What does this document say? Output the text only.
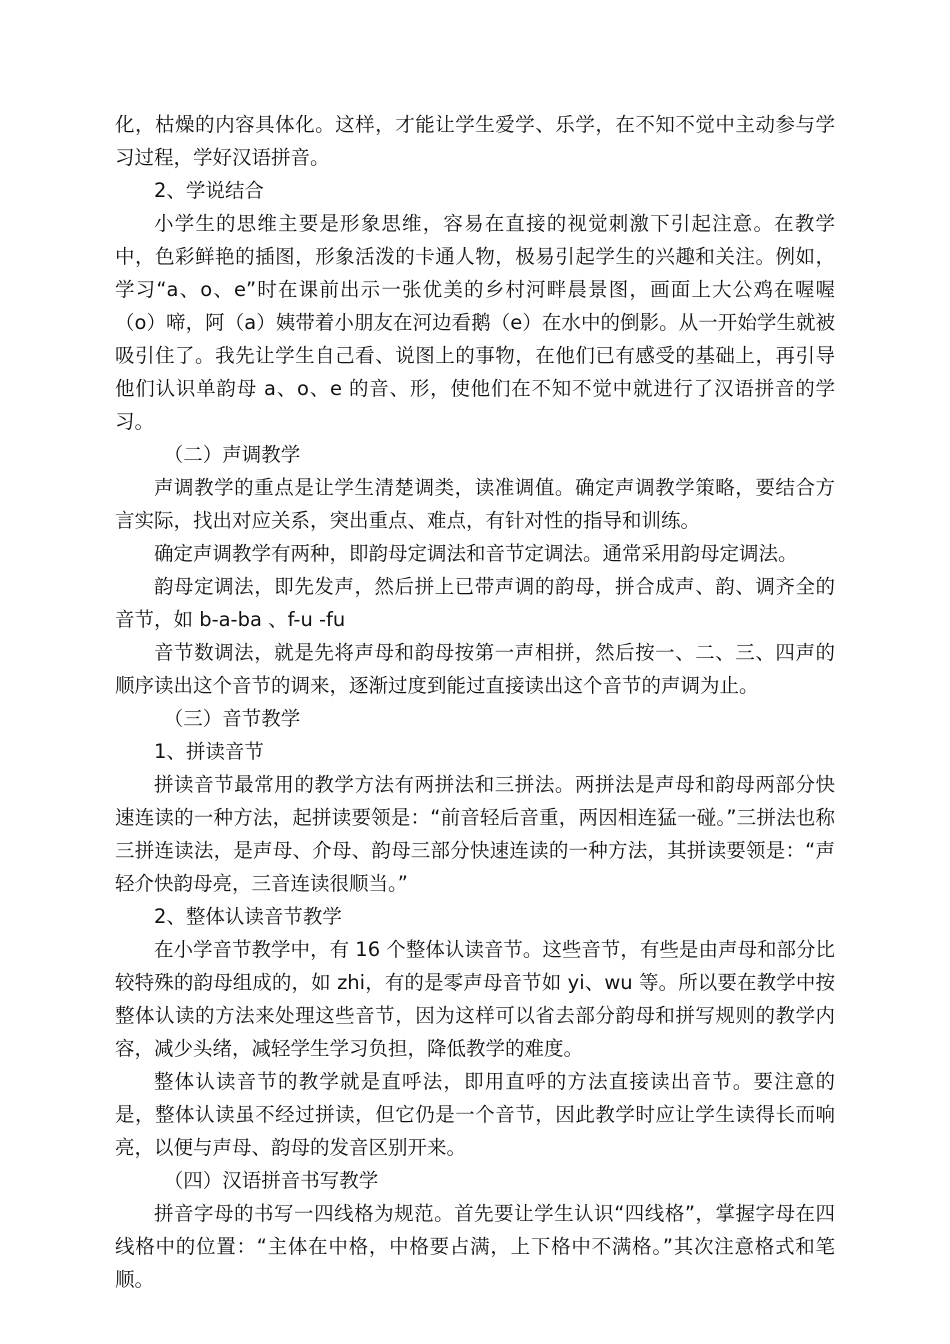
化，枯燥的内容具体化。这样，才能让学生爱学、乐学，在不知不觉中主动参与学习过程，学好汉语拼音。

2、学说结合

小学生的思维主要是形象思维，容易在直接的视觉刺激下引起注意。在教学中，色彩鲜艳的插图，形象活泼的卡通人物，极易引起学生的兴趣和关注。例如，学习“a、o、e”时在课前出示一张优美的乡村河畔晨景图，画面上大公鸡在喔喔（o）啼，阿（a）姨带着小朋友在河边看鹅（e）在水中的倒影。从一开始学生就被吸引住了。我先让学生自己看、说图上的事物，在他们已有感受的基础上，再引导他们认识单韵母 a、o、e 的音、形，使他们在不知不觉中就进行了汉语拼音的学习。

（二）声调教学

声调教学的重点是让学生清楚调类，读准调值。确定声调教学策略，要结合方言实际，找出对应关系，突出重点、难点，有针对性的指导和训练。

确定声调教学有两种，即韵母定调法和音节定调法。通常采用韵母定调法。

韵母定调法，即先发声，然后拼上已带声调的韵母，拼合成声、韵、调齐全的音节，如 b-a-ba 、f-u -fu

音节数调法，就是先将声母和韵母按第一声相拼，然后按一、二、三、四声的顺序读出这个音节的调来，逐渐过度到能过直接读出这个音节的声调为止。

（三）音节教学

1、拼读音节

拼读音节最常用的教学方法有两拼法和三拼法。两拼法是声母和韵母两部分快速连读的一种方法，起拼读要领是：“前音轻后音重，两因相连猛一碰。”三拼法也称三拼连读法，是声母、介母、韵母三部分快速连读的一种方法，其拼读要领是：“声轻介快韵母亮，三音连读很顺当。”

2、整体认读音节教学

在小学音节教学中，有 16 个整体认读音节。这些音节，有些是由声母和部分比较特殊的韵母组成的，如 zhi，有的是零声母音节如 yi、wu 等。所以要在教学中按整体认读的方法来处理这些音节，因为这样可以省去部分韵母和拼写规则的教学内容，减少头绪，减轻学生学习负担，降低教学的难度。

整体认读音节的教学就是直呼法，即用直呼的方法直接读出音节。要注意的是，整体认读虽不经过拼读，但它仍是一个音节，因此教学时应让学生读得长而响亮，以便与声母、韵母的发音区别开来。

（四）汉语拼音书写教学

拼音字母的书写一四线格为规范。首先要让学生认识“四线格”，掌握字母在四线格中的位置：“主体在中格，中格要占满，上下格中不满格。”其次注意格式和笔顺。
